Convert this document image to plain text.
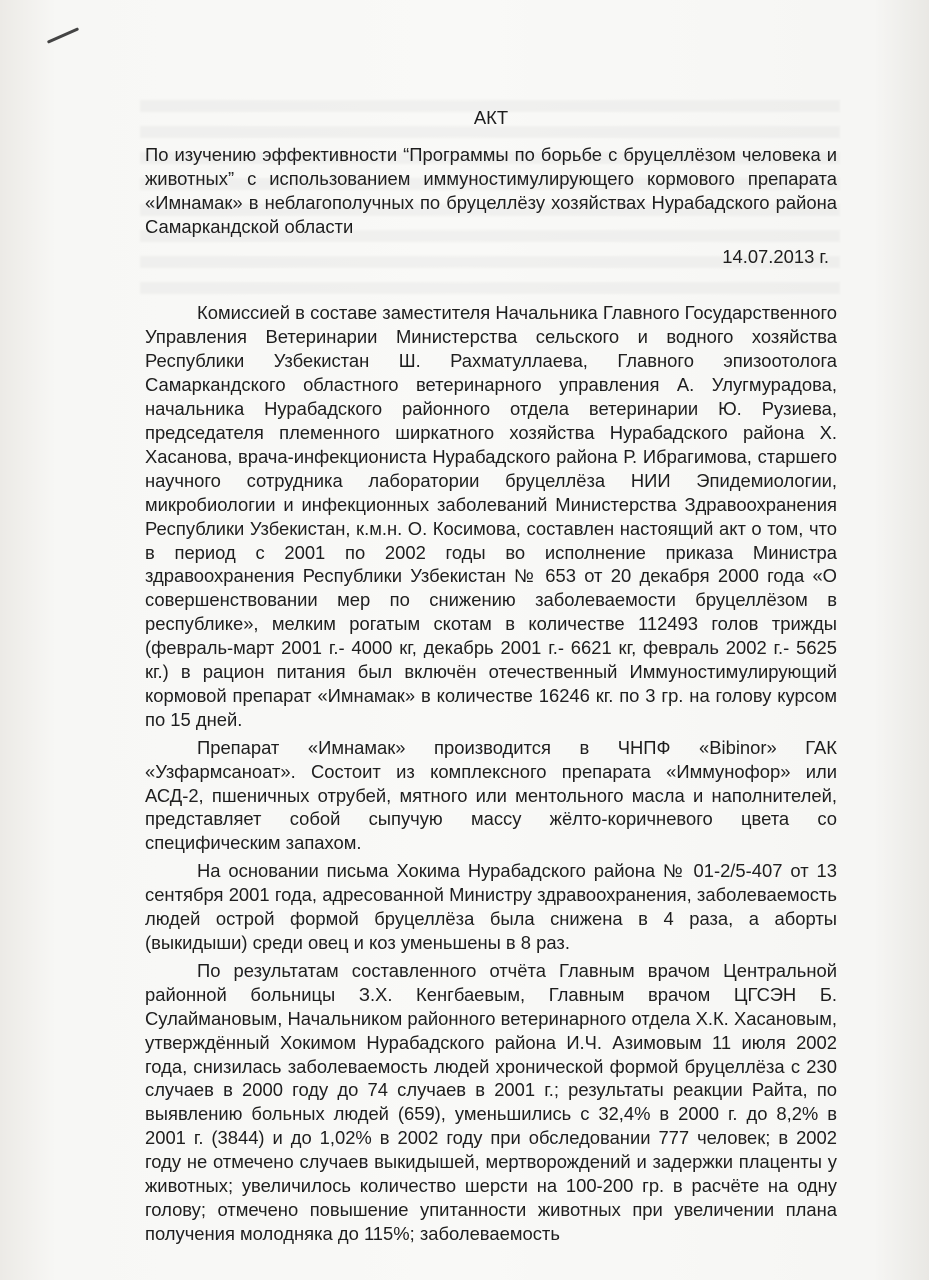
АКТ

По изучению эффективности “Программы по борьбе с бруцеллёзом человека и животных” с использованием иммуностимулирующего кормового препарата «Имнамак» в неблагополучных по бруцеллёзу хозяйствах Нурабадского района Самаркандской области

14.07.2013 г.

Комиссией в составе заместителя Начальника Главного Государственного Управления Ветеринарии Министерства сельского и водного хозяйства Республики Узбекистан Ш. Рахматуллаева, Главного эпизоотолога Самаркандского областного ветеринарного управления А. Улугмурадова, начальника Нурабадского районного отдела ветеринарии Ю. Рузиева, председателя племенного ширкатного хозяйства Нурабадского района Х. Хасанова, врача-инфекциониста Нурабадского района Р. Ибрагимова, старшего научного сотрудника лаборатории бруцеллёза НИИ Эпидемиологии, микробиологии и инфекционных заболеваний Министерства Здравоохранения Республики Узбекистан, к.м.н. О. Косимова, составлен настоящий акт о том, что в период с 2001 по 2002 годы во исполнение приказа Министра здравоохранения Республики Узбекистан № 653 от 20 декабря 2000 года «О совершенствовании мер по снижению заболеваемости бруцеллёзом в республике», мелким рогатым скотам в количестве 112493 голов трижды (февраль-март 2001 г.- 4000 кг, декабрь 2001 г.- 6621 кг, февраль 2002 г.- 5625 кг.) в рацион питания был включён отечественный Иммуностимулирующий кормовой препарат «Имнамак» в количестве 16246 кг. по 3 гр. на голову курсом по 15 дней.

Препарат «Имнамак» производится в ЧНПФ «Bibinor» ГАК «Узфармсаноат». Состоит из комплексного препарата «Иммунофор» или АСД-2, пшеничных отрубей, мятного или ментольного масла и наполнителей, представляет собой сыпучую массу жёлто-коричневого цвета со специфическим запахом.

На основании письма Хокима Нурабадского района № 01-2/5-407 от 13 сентября 2001 года, адресованной Министру здравоохранения, заболеваемость людей острой формой бруцеллёза была снижена в 4 раза, а аборты (выкидыши) среди овец и коз уменьшены в 8 раз.

По результатам составленного отчёта Главным врачом Центральной районной больницы З.Х. Кенгбаевым, Главным врачом ЦГСЭН Б. Сулаймановым, Начальником районного ветеринарного отдела Х.К. Хасановым, утверждённый Хокимом Нурабадского района И.Ч. Азимовым 11 июля 2002 года, снизилась заболеваемость людей хронической формой бруцеллёза с 230 случаев в 2000 году до 74 случаев в 2001 г.; результаты реакции Райта, по выявлению больных людей (659), уменьшились с 32,4% в 2000 г. до 8,2% в 2001 г. (3844) и до 1,02% в 2002 году при обследовании 777 человек; в 2002 году не отмечено случаев выкидышей, мертворождений и задержки плаценты у животных; увеличилось количество шерсти на 100-200 гр. в расчёте на одну голову; отмечено повышение упитанности животных при увеличении плана получения молодняка до 115%; заболеваемость
